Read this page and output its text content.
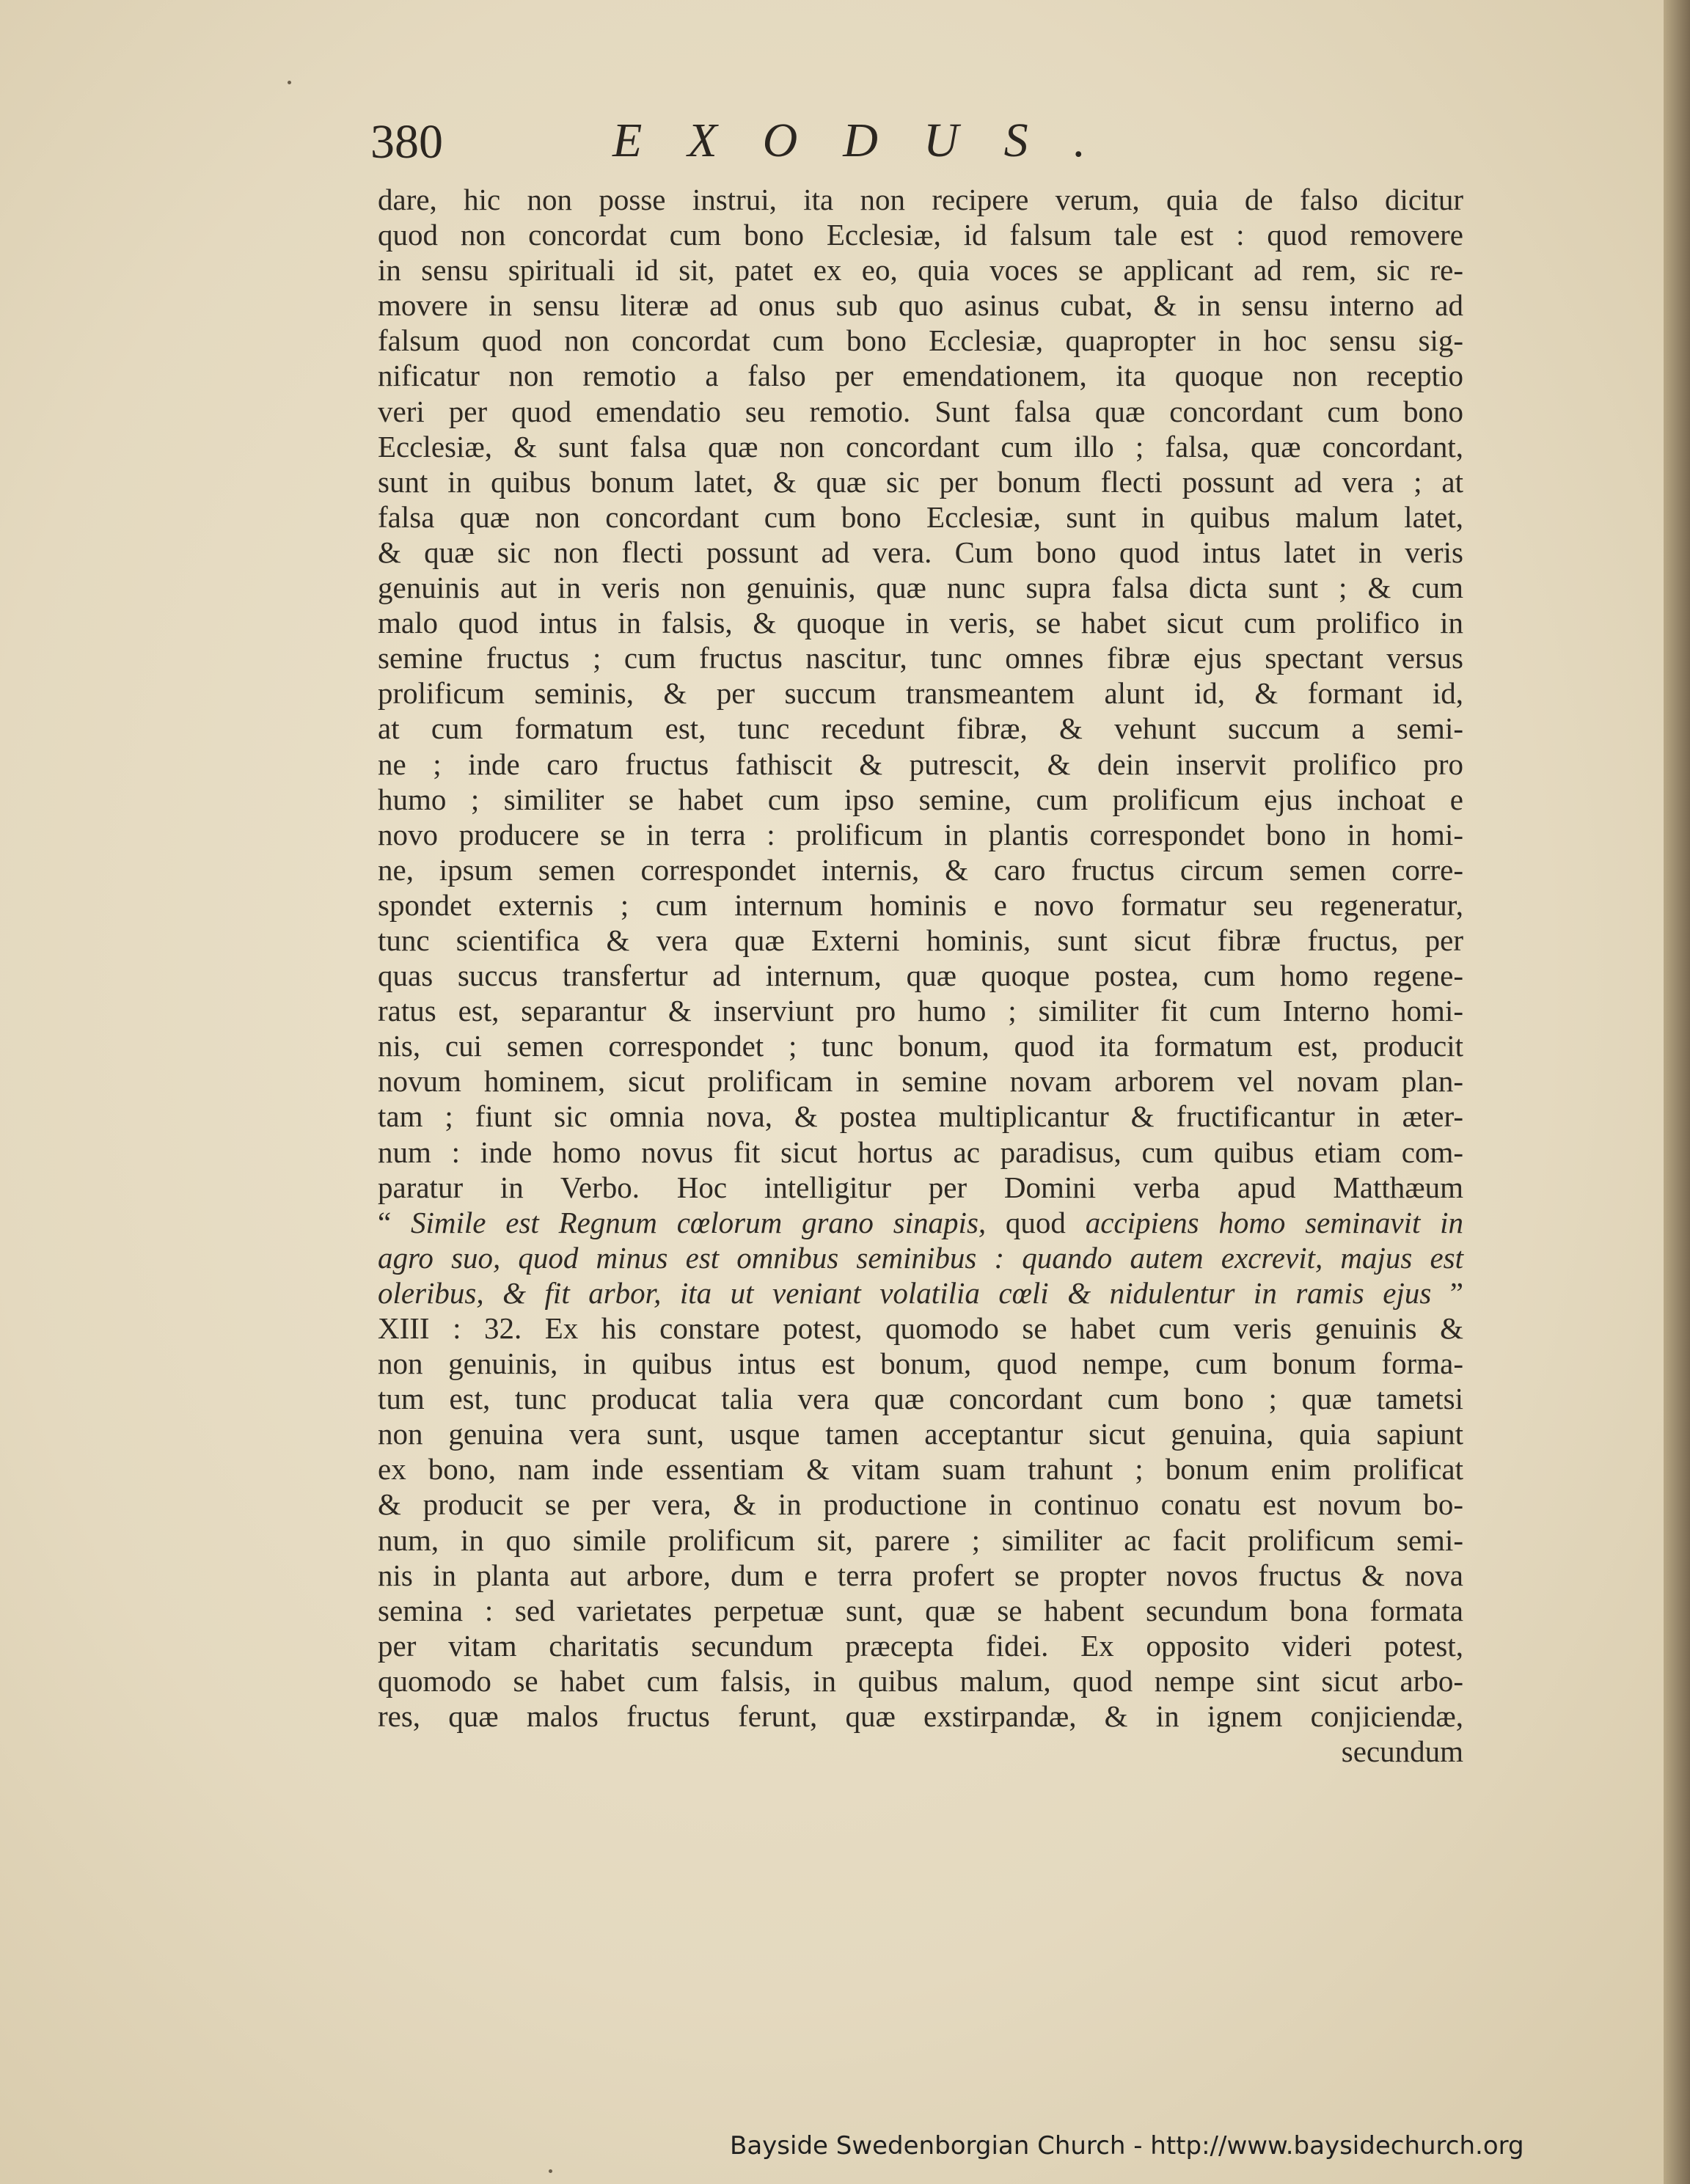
380	EXODUS.
dare, hic non posse instrui, ita non recipere verum, quia de falso dicitur
quod non concordat cum bono Ecclesiæ, id falsum tale est : quod removere
in sensu spirituali id sit, patet ex eo, quia voces se applicant ad rem, sic re-
movere in sensu literæ ad onus sub quo asinus cubat, & in sensu interno ad
falsum quod non concordat cum bono Ecclesiæ, quapropter in hoc sensu sig-
nificatur non remotio a falso per emendationem, ita quoque non receptio
veri per quod emendatio seu remotio. Sunt falsa quæ concordant cum bono
Ecclesiæ, & sunt falsa quæ non concordant cum illo ; falsa, quæ concordant,
sunt in quibus bonum latet, & quæ sic per bonum flecti possunt ad vera ; at
falsa quæ non concordant cum bono Ecclesiæ, sunt in quibus malum latet,
& quæ sic non flecti possunt ad vera. Cum bono quod intus latet in veris
genuinis aut in veris non genuinis, quæ nunc supra falsa dicta sunt ; & cum
malo quod intus in falsis, & quoque in veris, se habet sicut cum prolifico in
semine fructus ; cum fructus nascitur, tunc omnes fibræ ejus spectant versus
prolificum seminis, & per succum transmeantem alunt id, & formant id,
at cum formatum est, tunc recedunt fibræ, & vehunt succum a semi-
ne ; inde caro fructus fathiscit & putrescit, & dein inservit prolifico pro
humo ; similiter se habet cum ipso semine, cum prolificum ejus inchoat e
novo producere se in terra : prolificum in plantis correspondet bono in homi-
ne, ipsum semen correspondet internis, & caro fructus circum semen corre-
spondet externis ; cum internum hominis e novo formatur seu regeneratur,
tunc scientifica & vera quæ Externi hominis, sunt sicut fibræ fructus, per
quas succus transfertur ad internum, quæ quoque postea, cum homo regene-
ratus est, separantur & inserviunt pro humo ; similiter fit cum Interno homi-
nis, cui semen correspondet ; tunc bonum, quod ita formatum est, producit
novum hominem, sicut prolificam in semine novam arborem vel novam plan-
tam ; fiunt sic omnia nova, & postea multiplicantur & fructificantur in æter-
num : inde homo novus fit sicut hortus ac paradisus, cum quibus etiam com-
paratur in Verbo. Hoc intelligitur per Domini verba apud Matthæum
“ Simile est Regnum cœlorum grano sinapis, quod accipiens homo seminavit in
agro suo, quod minus est omnibus seminibus : quando autem excrevit, majus est
oleribus, & fit arbor, ita ut veniant volatilia cœli & nidulentur in ramis ejus ”
XIII : 32. Ex his constare potest, quomodo se habet cum veris genuinis &
non genuinis, in quibus intus est bonum, quod nempe, cum bonum forma-
tum est, tunc producat talia vera quæ concordant cum bono ; quæ tametsi
non genuina vera sunt, usque tamen acceptantur sicut genuina, quia sapiunt
ex bono, nam inde essentiam & vitam suam trahunt ; bonum enim prolificat
& producit se per vera, & in productione in continuo conatu est novum bo-
num, in quo simile prolificum sit, parere ; similiter ac facit prolificum semi-
nis in planta aut arbore, dum e terra profert se propter novos fructus & nova
semina : sed varietates perpetuæ sunt, quæ se habent secundum bona formata
per vitam charitatis secundum præcepta fidei. Ex opposito videri potest,
quomodo se habet cum falsis, in quibus malum, quod nempe sint sicut arbo-
res, quæ malos fructus ferunt, quæ exstirpandæ, & in ignem conjiciendæ,
secundum
Bayside Swedenborgian Church - http://www.baysidechurch.org
